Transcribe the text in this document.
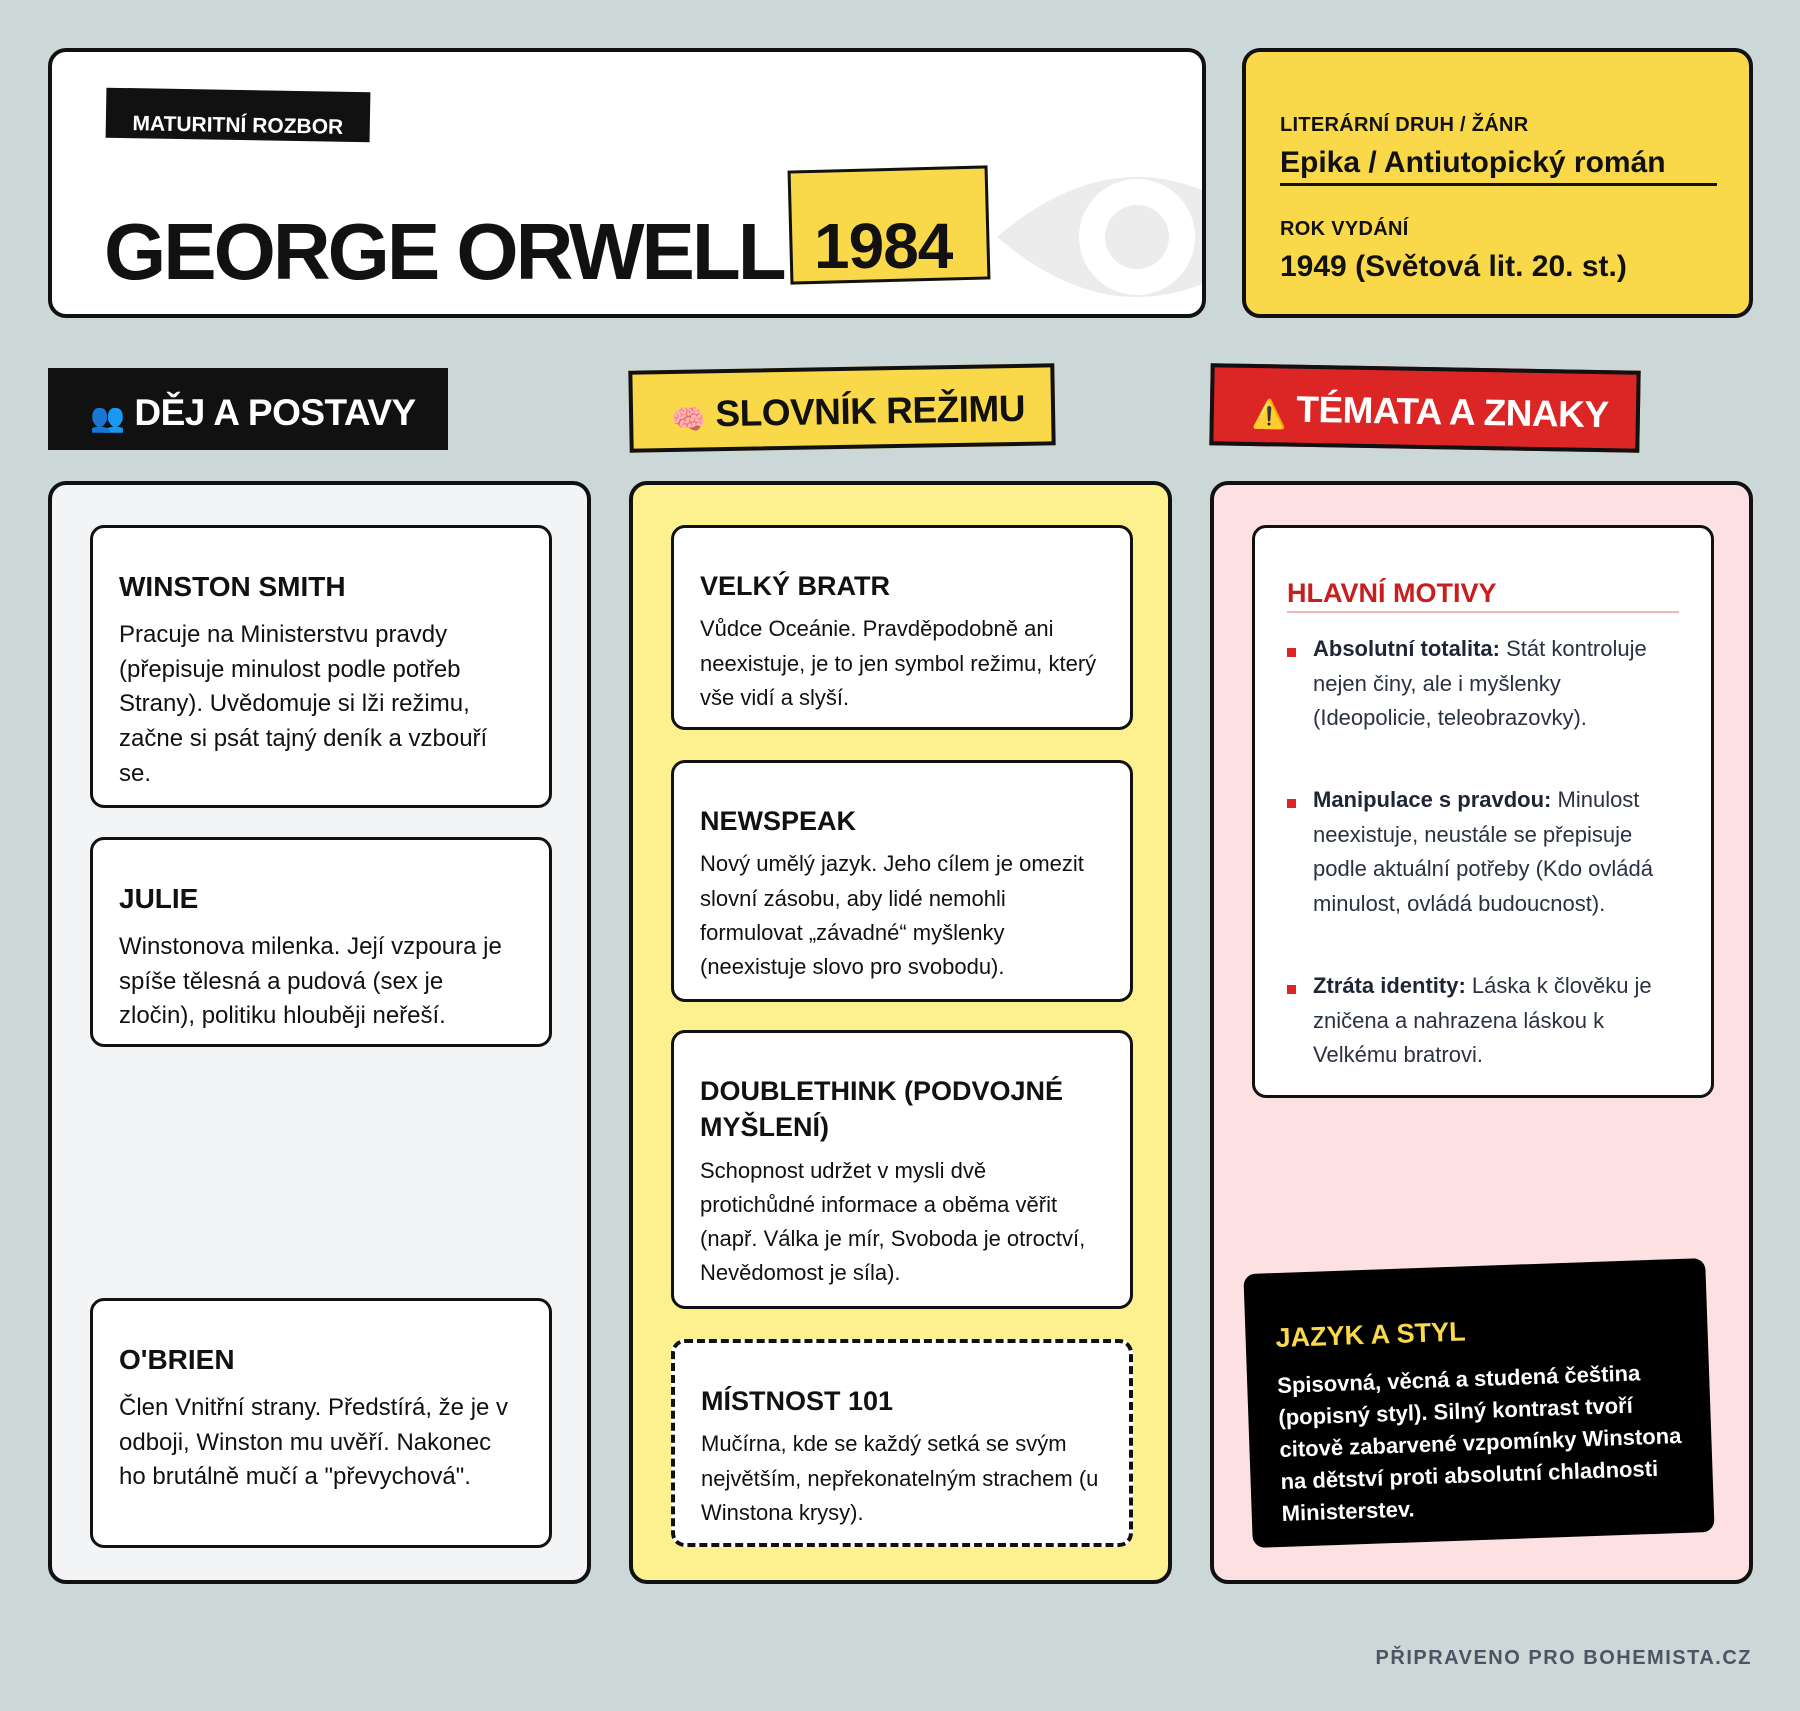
MATURITNÍ ROZBOR
GEORGE ORWELL 1984
LITERÁRNÍ DRUH / ŽÁNR
Epika / Antiutopický román
ROK VYDÁNÍ
1949 (Světová lit. 20. st.)
👥 DĚJ A POSTAVY	🧠 SLOVNÍK REŽIMU	⚠️ TÉMATA A ZNAKY
WINSTON SMITH

Pracuje na Ministerstvu pravdy (přepisuje minulost podle potřeb Strany). Uvědomuje si lži režimu, začne si psát tajný deník a vzbouří se.

JULIE

Winstonova milenka. Její vzpoura je spíše tělesná a pudová (sex je zločin), politiku hlouběji neřeší.

O'BRIEN

Člen Vnitřní strany. Předstírá, že je v odboji, Winston mu uvěří. Nakonec ho brutálně mučí a "převychová".

VELKÝ BRATR

Vůdce Oceánie. Pravděpodobně ani neexistuje, je to jen symbol režimu, který vše vidí a slyší.

NEWSPEAK

Nový umělý jazyk. Jeho cílem je omezit slovní zásobu, aby lidé nemohli formulovat „závadné“ myšlenky (neexistuje slovo pro svobodu).

DOUBLETHINK (PODVOJNÉ MYŠLENÍ)

Schopnost udržet v mysli dvě protichůdné informace a oběma věřit (např. Válka je mír, Svoboda je otroctví, Nevědomost je síla).

MÍSTNOST 101

Mučírna, kde se každý setká se svým největším, nepřekonatelným strachem (u Winstona krysy).

HLAVNÍ MOTIVY
Absolutní totalita: Stát kontroluje nejen činy, ale i myšlenky (Ideopolicie, teleobrazovky).
Manipulace s pravdou: Minulost neexistuje, neustále se přepisuje podle aktuální potřeby (Kdo ovládá minulost, ovládá budoucnost).
Ztráta identity: Láska k člověku je zničena a nahrazena láskou k Velkému bratrovi.
JAZYK A STYL

Spisovná, věcná a studená čeština (popisný styl). Silný kontrast tvoří citově zabarvené vzpomínky Winstona na dětství proti absolutní chladnosti Ministerstev.

PŘIPRAVENO PRO BOHEMISTA.CZ
